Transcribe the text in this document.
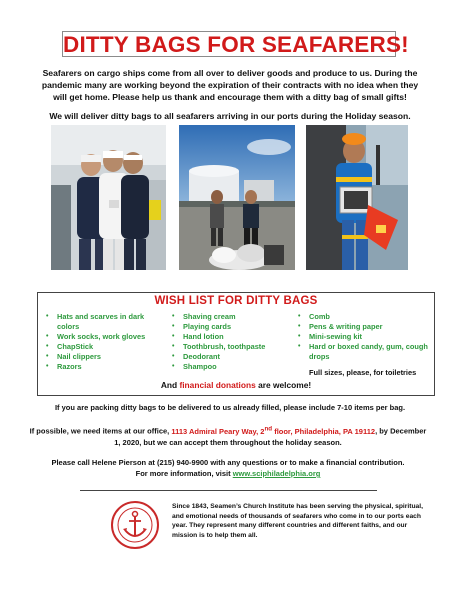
DITTY BAGS FOR SEAFARERS!
Seafarers on cargo ships come from all over to deliver goods and produce to us. During the pandemic many are working beyond the expiration of their contracts with no idea when they will get home. Please help us thank and encourage them with a ditty bag of small gifts!
We will deliver ditty bags to all seafarers arriving in our ports during the Holiday season.
WISH LIST FOR DITTY BAGS
• Hats and scarves in dark colors
• Work socks, work gloves
• ChapStick
• Nail clippers
• Razors
• Shaving cream
• Playing cards
• Hand lotion
• Toothbrush, toothpaste
• Deodorant
• Shampoo
• Comb
• Pens & writing paper
• Mini-sewing kit
• Hard or boxed candy, gum, cough drops
Full sizes, please, for toiletries
And financial donations are welcome!
If you are packing ditty bags to be delivered to us already filled, please include 7-10 items per bag.
If possible, we need items at our office, 1113 Admiral Peary Way, 2nd floor, Philadelphia, PA 19112, by December 1, 2020, but we can accept them throughout the holiday season.
Please call Helene Pierson at (215) 940-9900 with any questions or to make a financial contribution.
For more information, visit www.sciphiladelphia.org
Since 1843, Seamen’s Church Institute has been serving the physical, spiritual, and emotional needs of thousands of seafarers who come in to our ports each year. They represent many different countries and different faiths, and our mission is to help them all.
